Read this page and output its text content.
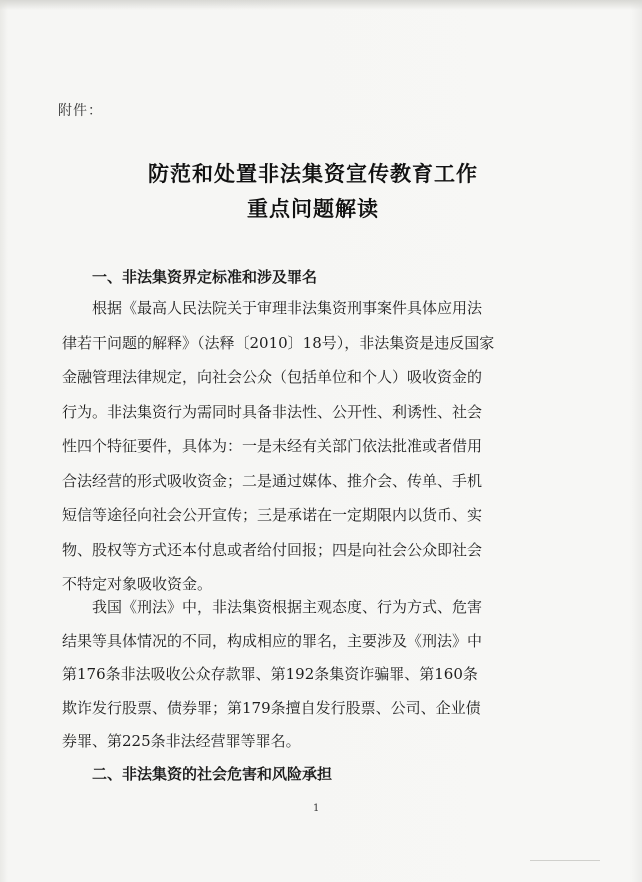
附件：
防范和处置非法集资宣传教育工作
重点问题解读
一、非法集资界定标准和涉及罪名
根据《最高人民法院关于审理非法集资刑事案件具体应用法
律若干问题的解释》（法释〔2010〕18号），非法集资是违反国家
金融管理法律规定，向社会公众（包括单位和个人）吸收资金的
行为。非法集资行为需同时具备非法性、公开性、利诱性、社会
性四个特征要件，具体为：一是未经有关部门依法批准或者借用
合法经营的形式吸收资金；二是通过媒体、推介会、传单、手机
短信等途径向社会公开宣传；三是承诺在一定期限内以货币、实
物、股权等方式还本付息或者给付回报；四是向社会公众即社会
不特定对象吸收资金。
我国《刑法》中，非法集资根据主观态度、行为方式、危害
结果等具体情况的不同，构成相应的罪名，主要涉及《刑法》中
第176条非法吸收公众存款罪、第192条集资诈骗罪、第160条
欺诈发行股票、债券罪；第179条擅自发行股票、公司、企业债
券罪、第225条非法经营罪等罪名。
二、非法集资的社会危害和风险承担
1
